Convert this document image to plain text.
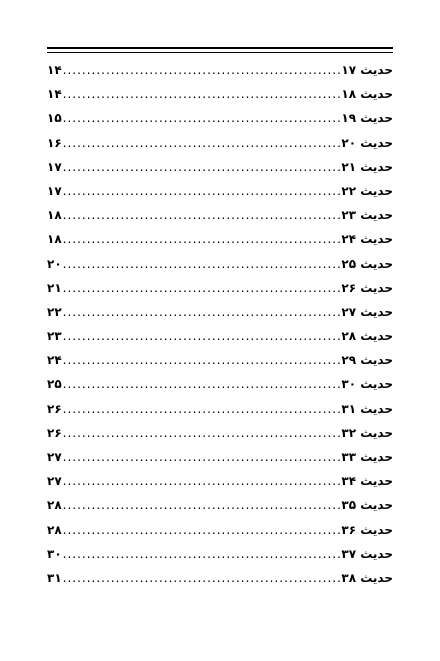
حدیث ۱۷
.....
۱۴
حدیث ۱۸
.....
۱۴
حدیث ۱۹
.....
۱۵
حدیث ۲۰
.....
۱۶
حدیث ۲۱
.....
۱۷
حدیث ۲۲
.....
۱۷
حدیث ۲۳
.....
۱۸
حدیث ۲۴
.....
۱۸
حدیث ۲۵
.....
۲۰
حدیث ۲۶
.....
۲۱
حدیث ۲۷
.....
۲۲
حدیث ۲۸
.....
۲۳
حدیث ۲۹
.....
۲۴
حدیث ۳۰
.....
۲۵
حدیث ۳۱
.....
۲۶
حدیث ۳۲
.....
۲۶
حدیث ۳۳
.....
۲۷
حدیث ۳۴
.....
۲۷
حدیث ۳۵
.....
۲۸
حدیث ۳۶
.....
۲۸
حدیث ۳۷
.....
۳۰
حدیث ۳۸
.....
۳۱
